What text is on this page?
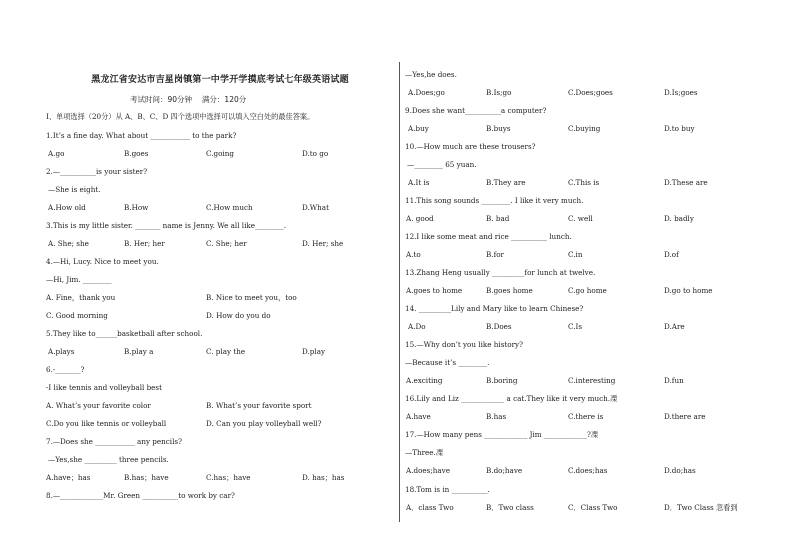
黑龙江省安达市吉星岗镇第一中学开学摸底考试七年级英语试题
考试时间：90分钟　 满分：120分
Ⅰ、单项选择（20分）从 A、B、C、D 四个选项中选择可以填入空白处的最佳答案。
1.It’s a fine day. What about ___________ to the park?
A.go	B.goes	C.going	D.to go
2.—__________is your sister?
—She is eight.
A.How old	B.How	C.How much	D.What
3.This is my little sister. _______ name is Jenny. We all like________.
A. She; she	B. Her; her	C. She; her	D. Her; she
4.—Hi, Lucy. Nice to meet you.
—Hi, Jim. ________
A. Fine，thank you	B. Nice to meet you，too
C. Good morning	D. How do you do
5.They like to______basketball after school.
A.plays	B.play a	C. play the	D.play
6.-_______?
-I like tennis and volleyball best
A. What’s your favorite color	B. What’s your favorite sport
C.Do you like tennis or volleyball	D. Can you play volleyball well?
7.—Does she ___________ any pencils?
—Yes,she _________ three pencils.
A.have；has	B.has；have	C.has；have	D. has；has
8.—____________Mr. Green __________to work by car?
—Yes,he does.
A.Does;go	B.Is;go	C.Does;goes	D.Is;goes
9.Does she want__________a computer?
A.buy	B.buys	C.buying	D.to buy
10.—How much are these trousers?
—________ 65 yuan.
A.It is	B.They are	C.This is	D.These are
11.This song sounds ________. I like it very much.
A. good	B. bad	C. well	D. badly
12.I like some meat and rice __________ lunch.
A.to	B.for	C.in	D.of
13.Zhang Heng usually _________for lunch at twelve.
A.goes to home	B.goes home	C.go home	D.go to home
14. _________Lily and Mary like to learn Chinese?
A.Do	B.Does	C.Is	D.Are
15.—Why don’t you like history?
—Because it’s ________.
A.exciting	B.boring	C.interesting	D.fun
16.Lily and Liz ____________ a cat.They like it very much.凓
A.have	B.has	C.there is	D.there are
17.—How many pens ____________ Jim ____________?凓
—Three.凓
A.does;have	B.do;have	C.does;has	D.do;has
18.Tom is in __________.
A．class Two	B．Two class	C．Class Two	D．Two Class 忽看到
